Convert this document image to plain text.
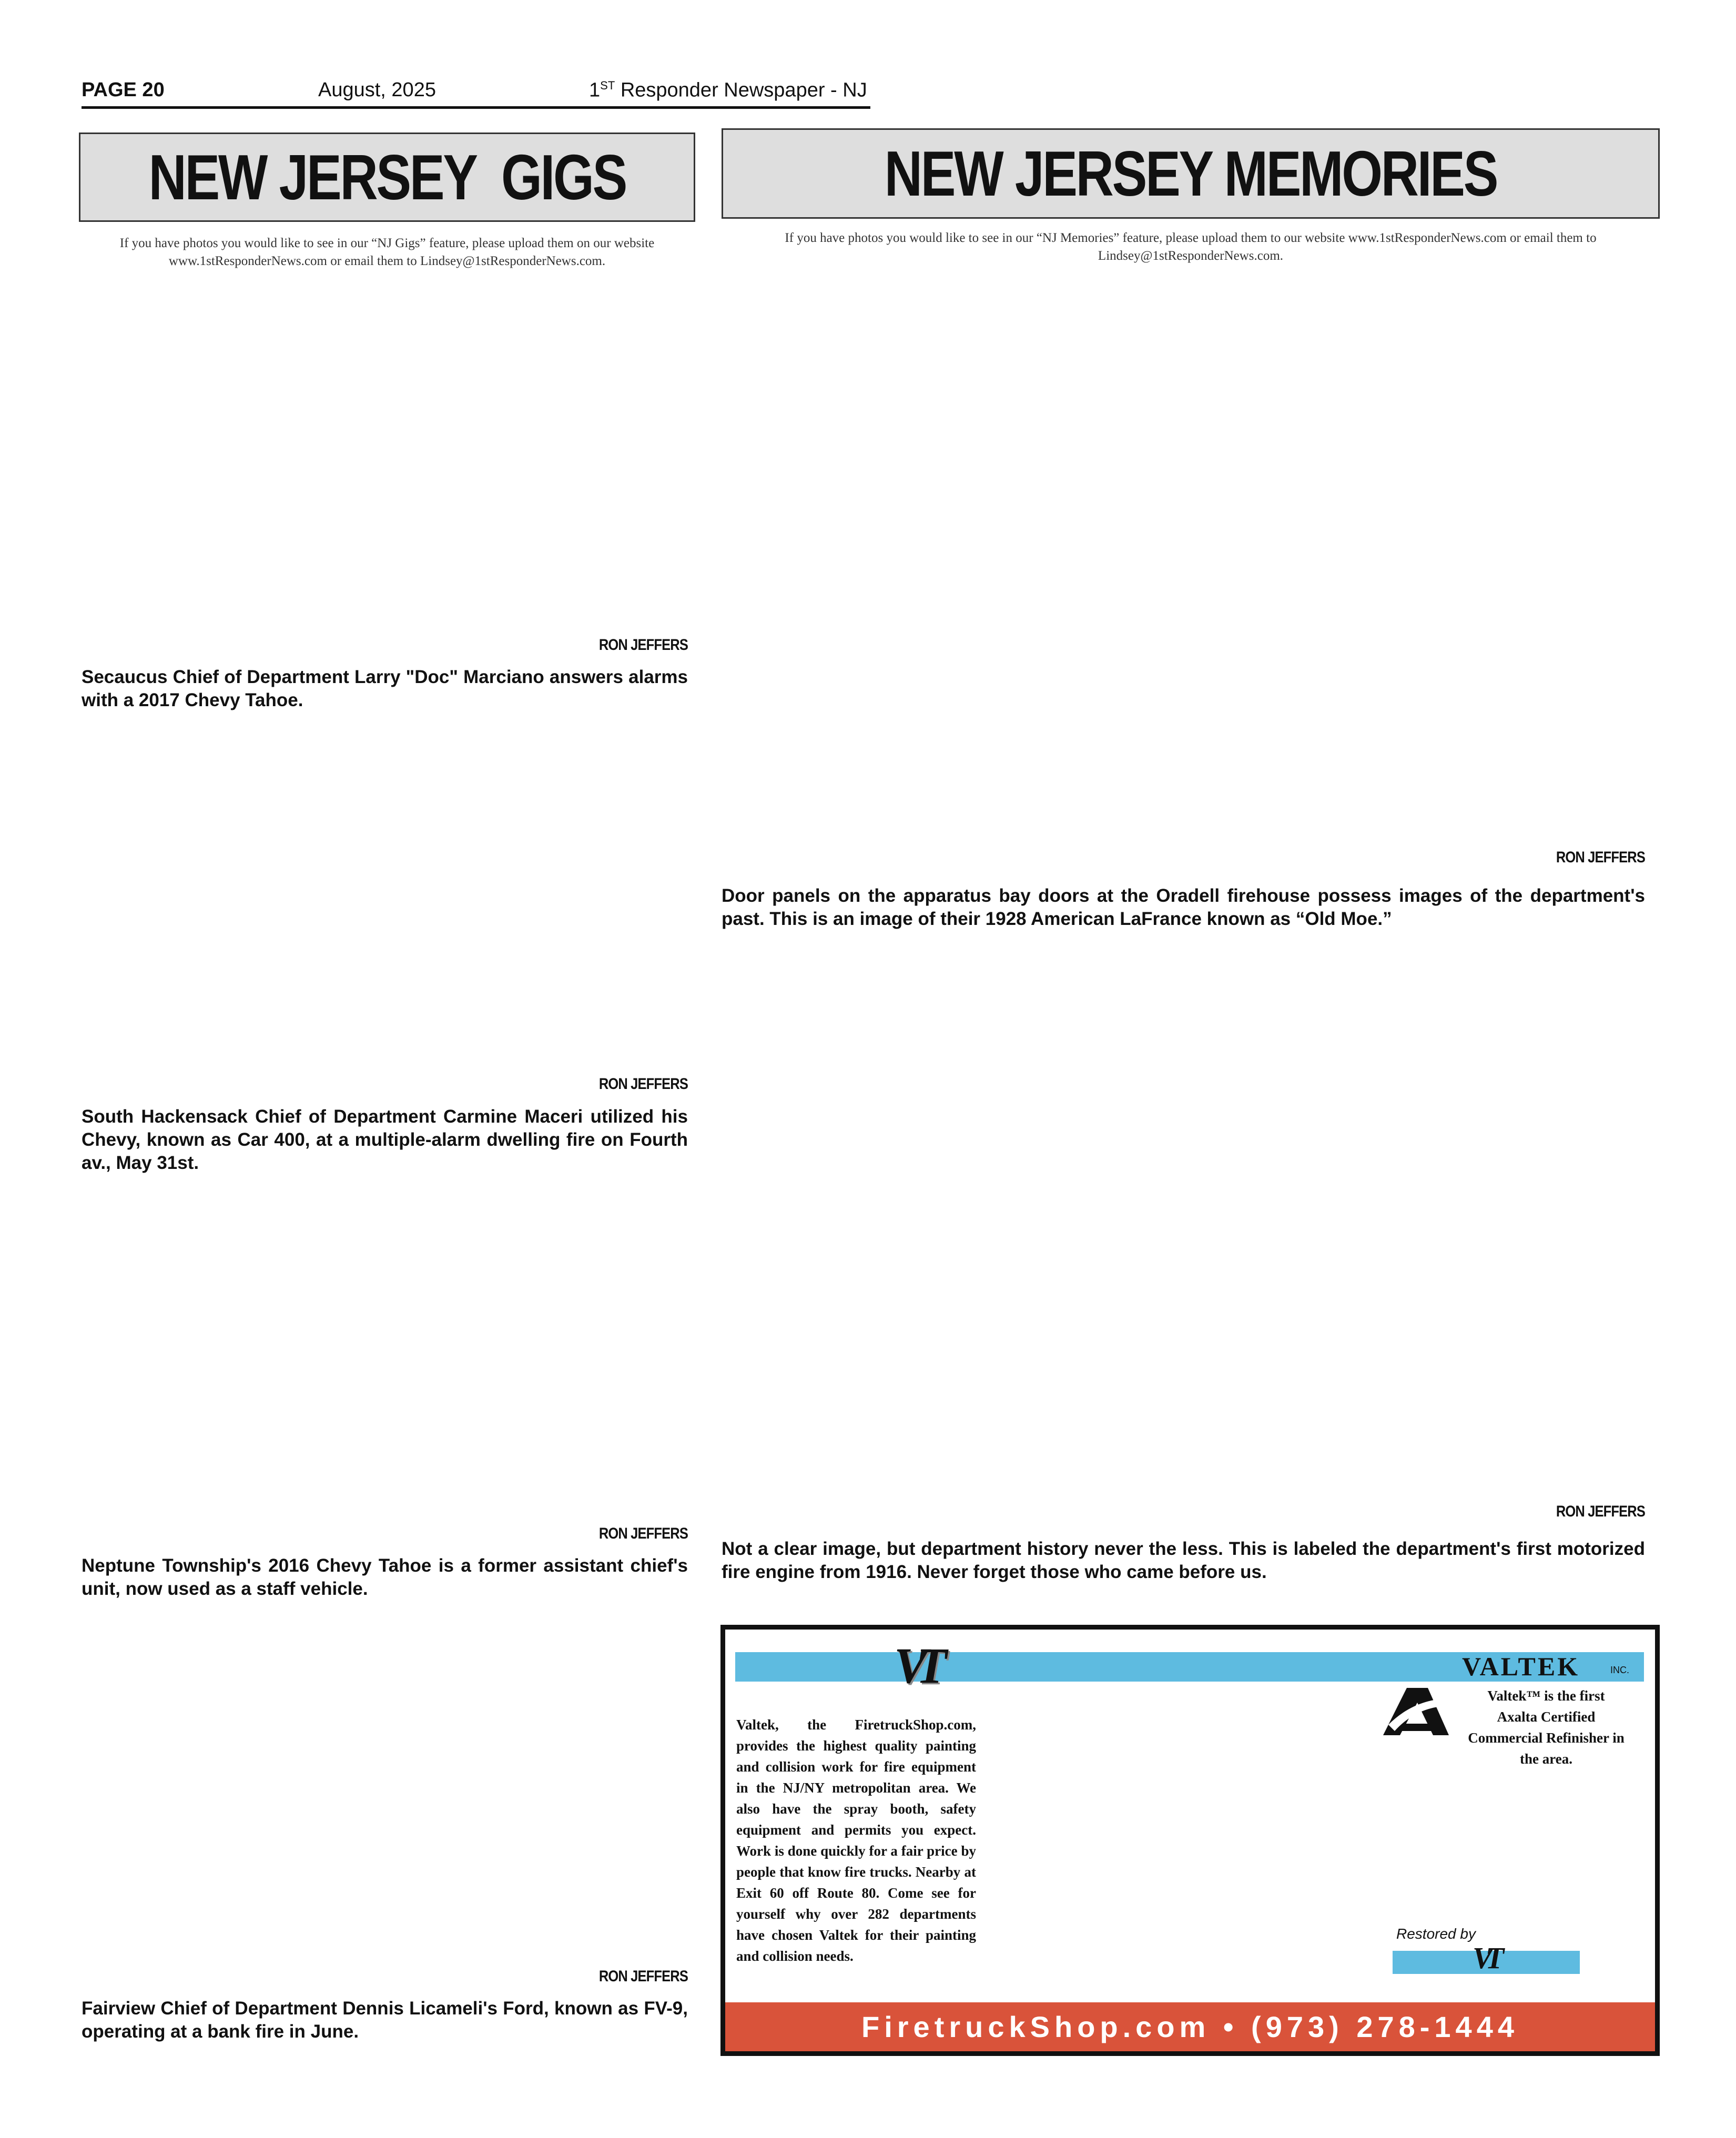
PAGE 20	August, 2025	1ST Responder Newspaper - NJ
NEW JERSEY  GIGS
If you have photos you would like to see in our “NJ Gigs” feature, please upload them on our website www.1stResponderNews.com or email them to Lindsey@1stResponderNews.com.
RON JEFFERS
Secaucus Chief of Department Larry "Doc" Marciano answers alarms with a 2017 Chevy Tahoe.
RON JEFFERS
South Hackensack Chief of Department Carmine Maceri utilized his Chevy, known as Car 400, at a multiple-alarm dwelling fire on Fourth av., May 31st.
RON JEFFERS
Neptune Township's 2016 Chevy Tahoe is a former assistant chief's unit, now used as a staff vehicle.
RON JEFFERS
Fairview Chief of Department Dennis Licameli's Ford, known as FV-9, operating at a bank fire in June.
NEW JERSEY MEMORIES
If you have photos you would like to see in our “NJ Memories” feature, please upload them to our website www.1stResponderNews.com or email them to Lindsey@1stResponderNews.com.
RON JEFFERS
Door panels on the apparatus bay doors at the Oradell firehouse possess images of the department's past. This is an image of their 1928 American LaFrance known as “Old Moe.”
RON JEFFERS
Not a clear image, but department history never the less. This is labeled the department's first motorized fire engine from 1916. Never forget those who came before us.
VT	VALTEK	INC.
Valtek, the FiretruckShop.com, provides the highest quality painting and collision work for fire equipment in the NJ/NY metropolitan area. We also have the spray booth, safety equipment and permits you expect. Work is done quickly for a fair price by people that know fire trucks. Nearby at Exit 60 off Route 80. Come see for yourself why over 282 departments have chosen Valtek for their painting and collision needs.
Valtek™ is the first Axalta Certified Commercial Refinisher in the area.
Restored by
VT
FiretruckShop.com • (973) 278-1444
